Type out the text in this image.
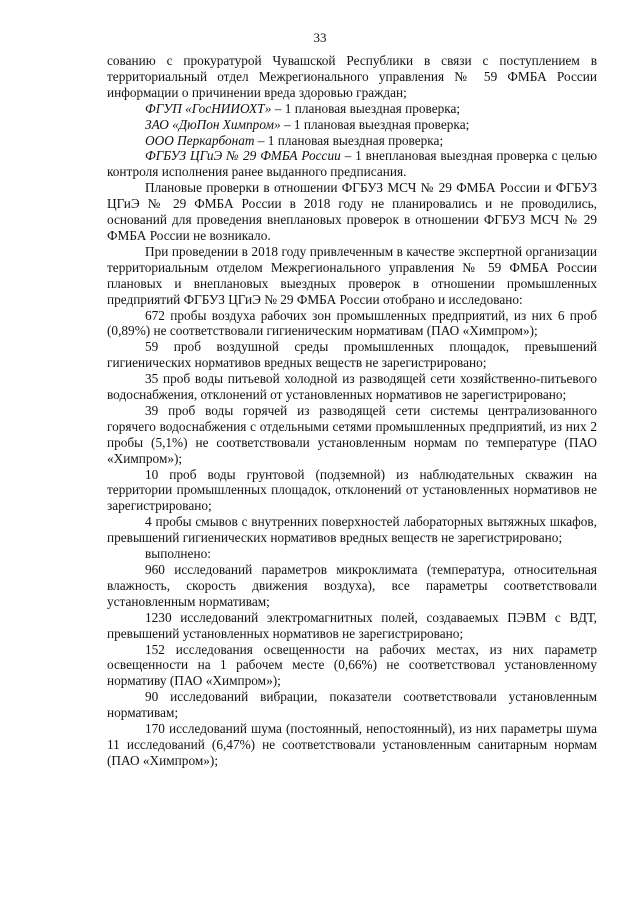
33

сованию с прокуратурой Чувашской Республики в связи с поступлением в территориальный отдел Межрегионального управления № 59 ФМБА России информации о причинении вреда здоровью граждан;

ФГУП «ГосНИИОХТ» – 1 плановая выездная проверка;

ЗАО «ДюПон Химпром» – 1 плановая выездная проверка;

ООО Перкарбонат – 1 плановая выездная проверка;

ФГБУЗ ЦГиЭ № 29 ФМБА России – 1 внеплановая выездная проверка с целью контроля исполнения ранее выданного предписания.

Плановые проверки в отношении ФГБУЗ МСЧ № 29 ФМБА России и ФГБУЗ ЦГиЭ № 29 ФМБА России в 2018 году не планировались и не проводились, оснований для проведения внеплановых проверок в отношении ФГБУЗ МСЧ № 29 ФМБА России не возникало.

При проведении в 2018 году привлеченным в качестве экспертной организации территориальным отделом Межрегионального управления № 59 ФМБА России плановых и внеплановых выездных проверок в отношении промышленных предприятий ФГБУЗ ЦГиЭ № 29 ФМБА России отобрано и исследовано:

672 пробы воздуха рабочих зон промышленных предприятий, из них 6 проб (0,89%) не соответствовали гигиеническим нормативам (ПАО «Химпром»);

59 проб воздушной среды промышленных площадок, превышений гигиенических нормативов вредных веществ не зарегистрировано;

35 проб воды питьевой холодной из разводящей сети хозяйственно-питьевого водоснабжения, отклонений от установленных нормативов не зарегистрировано;

39 проб воды горячей из разводящей сети системы централизованного горячего водоснабжения с отдельными сетями промышленных предприятий, из них 2 пробы (5,1%) не соответствовали установленным нормам по температуре (ПАО «Химпром»);

10 проб воды грунтовой (подземной) из наблюдательных скважин на территории промышленных площадок, отклонений от установленных нормативов не зарегистрировано;

4 пробы смывов с внутренних поверхностей лабораторных вытяжных шкафов, превышений гигиенических нормативов вредных веществ не зарегистрировано;

выполнено:

960 исследований параметров микроклимата (температура, относительная влажность, скорость движения воздуха), все параметры соответствовали установленным нормативам;

1230 исследований электромагнитных полей, создаваемых ПЭВМ с ВДТ, превышений установленных нормативов не зарегистрировано;

152 исследования освещенности на рабочих местах, из них параметр освещенности на 1 рабочем месте (0,66%) не соответствовал установленному нормативу (ПАО «Химпром»);

90 исследований вибрации, показатели соответствовали установленным нормативам;

170 исследований шума (постоянный, непостоянный), из них параметры шума 11 исследований (6,47%) не соответствовали установленным санитарным нормам (ПАО «Химпром»);
